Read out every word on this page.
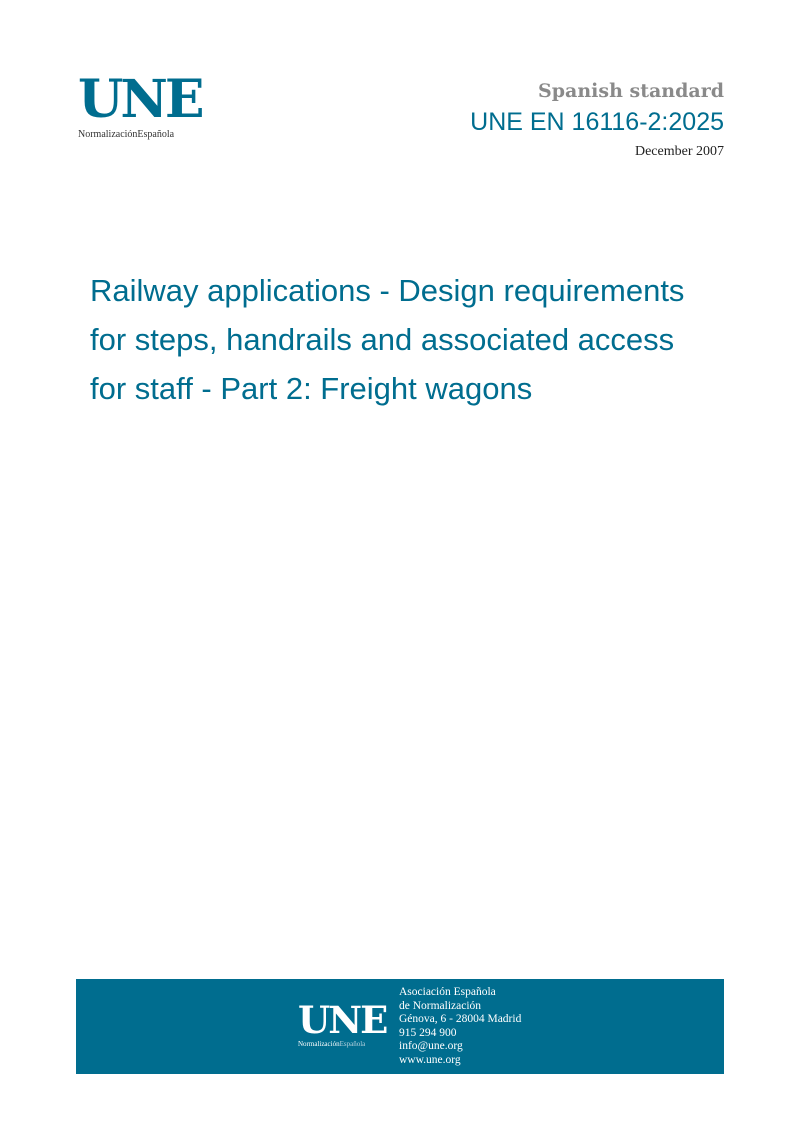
UNE
NormalizaciónEspañola
Spanish standard
UNE EN 16116-2:2025
December 2007
Railway applications - Design requirements
for steps, handrails and associated access
for staff - Part 2: Freight wagons
UNE
NormalizaciónEspañola
Asociación Española
de Normalización
Génova, 6 - 28004 Madrid
915 294 900
info@une.org
www.une.org
